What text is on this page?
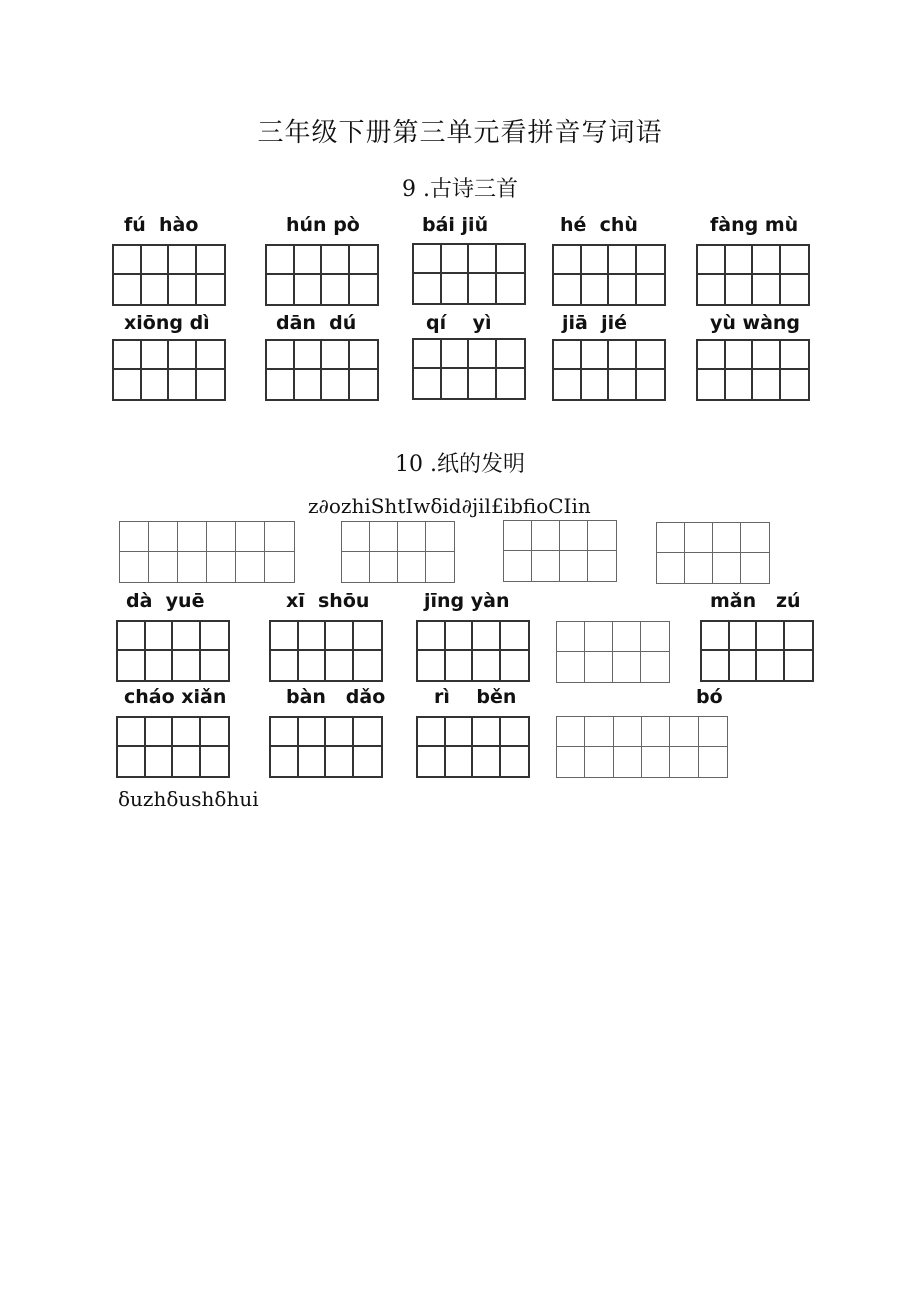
三年级下册第三单元看拼音写词语
9 .古诗三首
fú  hào	hún pò	bái jiǔ	hé  chù	fàng mù
xiōng dì	dān  dú	qí    yì	jiā  jié	yù wàng
10 .纸的发明
z∂ozhiShtIwδid∂jil£ibfioCIin
dà  yuē	xī  shōu	jīng yàn	mǎn   zú
cháo xiǎn	bàn   dǎo	rì    běn	bó
δuzhδushδhui
